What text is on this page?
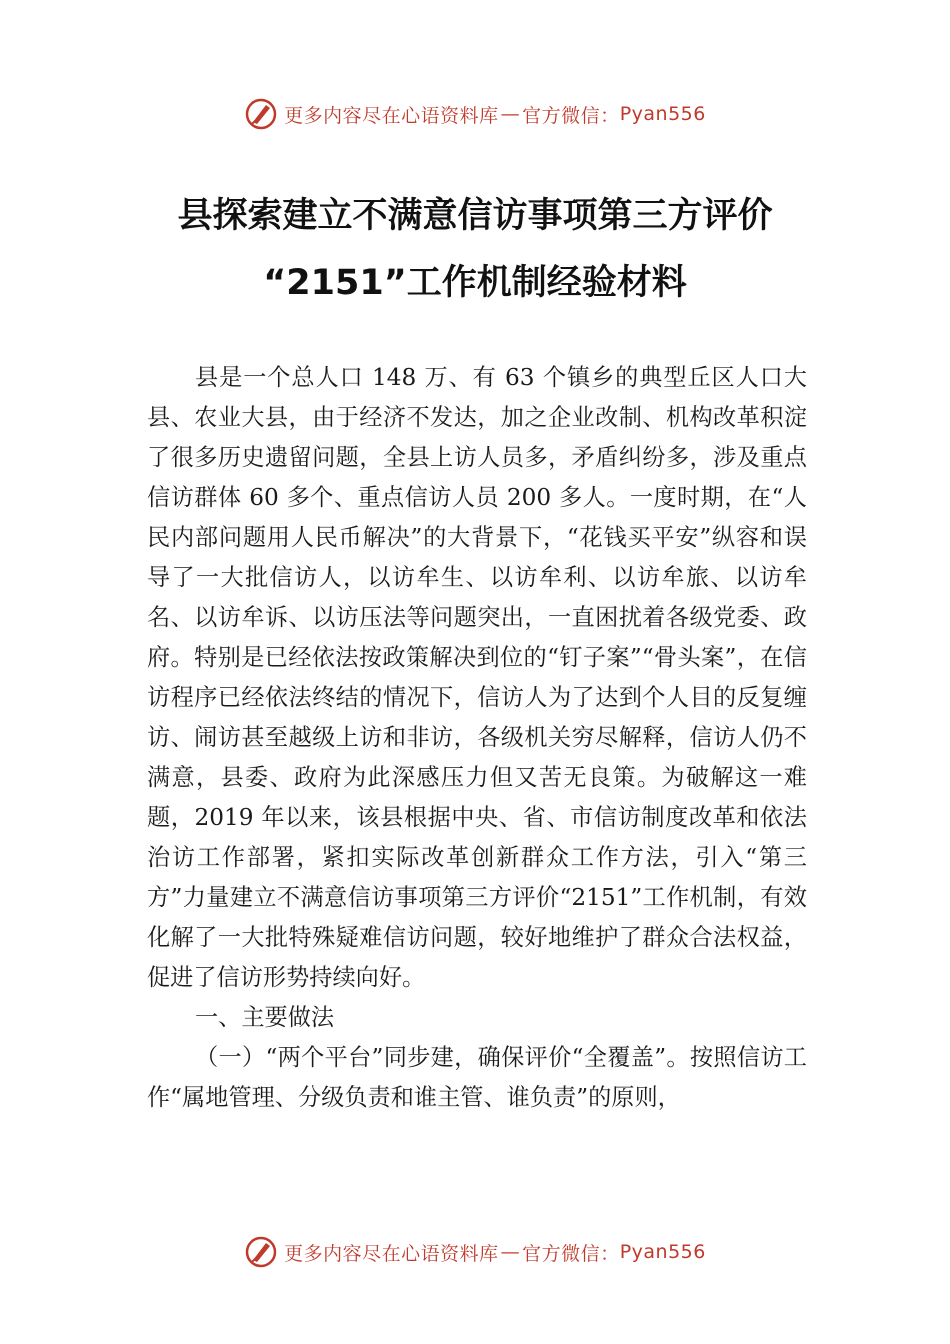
更多内容尽在心语资料库 — 官方微信： Pyan556
县探索建立不满意信访事项第三方评价
“2151”工作机制经验材料

县是一个总人口 148 万、有 63 个镇乡的典型丘区人口大县、农业大县，由于经济不发达，加之企业改制、机构改革积淀了很多历史遗留问题，全县上访人员多，矛盾纠纷多，涉及重点信访群体 60 多个、重点信访人员 200 多人。一度时期，在“人民内部问题用人民币解决”的大背景下，“花钱买平安”纵容和误导了一大批信访人，以访牟生、以访牟利、以访牟旅、以访牟名、以访牟诉、以访压法等问题突出，一直困扰着各级党委、政府。特别是已经依法按政策解决到位的“钉子案”“骨头案”，在信访程序已经依法终结的情况下，信访人为了达到个人目的反复缠访、闹访甚至越级上访和非访，各级机关穷尽解释，信访人仍不满意，县委、政府为此深感压力但又苦无良策。为破解这一难题，2019 年以来，该县根据中央、省、市信访制度改革和依法治访工作部署，紧扣实际改革创新群众工作方法，引入“第三方”力量建立不满意信访事项第三方评价“2151”工作机制，有效化解了一大批特殊疑难信访问题，较好地维护了群众合法权益，促进了信访形势持续向好。

一、主要做法

（一）“两个平台”同步建，确保评价“全覆盖”。按照信访工作“属地管理、分级负责和谁主管、谁负责”的原则，

更多内容尽在心语资料库 — 官方微信： Pyan556
